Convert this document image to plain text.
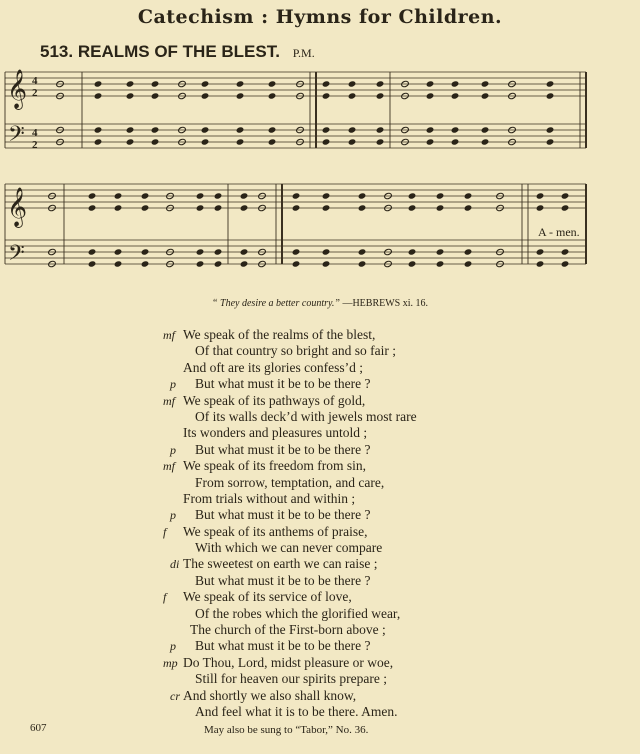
Catechism : Hymns for Children.
513. REALMS OF THE BLEST. P.M.
𝄞
𝄢
𝄞
𝄢
4
2
4
2
A - men.
“ They desire a better country.” —HEBREWS xi. 16.
mf We speak of the realms of the blest,
Of that country so bright and so fair ;
And oft are its glories confess’d ;
p But what must it be to be there ?
mf We speak of its pathways of gold,
Of its walls deck’d with jewels most rare
Its wonders and pleasures untold ;
p But what must it be to be there ?
mf We speak of its freedom from sin,
From sorrow, temptation, and care,
From trials without and within ;
p But what must it be to be there ?
f We speak of its anthems of praise,
With which we can never compare
di The sweetest on earth we can raise ;
But what must it be to be there ?
f We speak of its service of love,
Of the robes which the glorified wear,
The church of the First-born above ;
p But what must it be to be there ?
mp Do Thou, Lord, midst pleasure or woe,
Still for heaven our spirits prepare ;
cr And shortly we also shall know,
And feel what it is to be there. Amen.
607	May also be sung to “Tabor,” No. 36.
